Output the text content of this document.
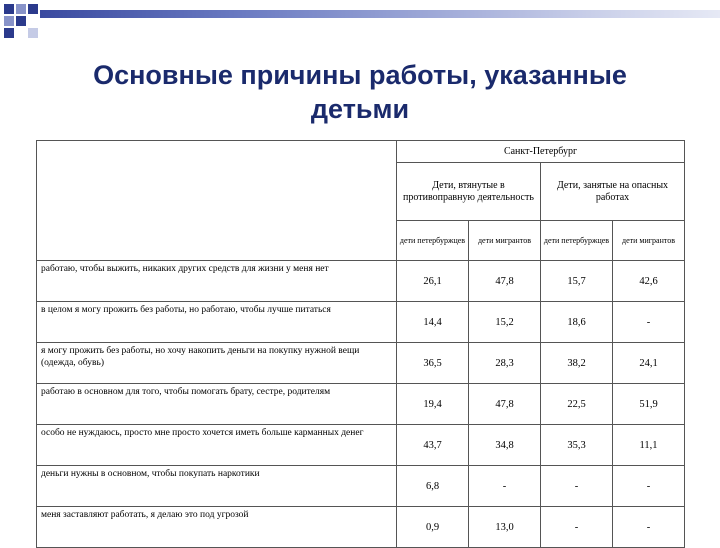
Основные причины работы, указанные
детьми
	Санкт-Петербург			
	Дети, втянутые в противоправную деятельность		Дети, занятые на опасных работах	
	дети петербуржцев	дети мигрантов	дети петербуржцев	дети мигрантов
работаю, чтобы выжить, никаких других средств для жизни у меня нет	26,1	47,8	15,7	42,6
в целом я могу прожить без работы, но работаю, чтобы лучше питаться	14,4	15,2	18,6	-
я могу прожить без работы, но хочу накопить деньги на покупку нужной вещи (одежда, обувь)	36,5	28,3	38,2	24,1
работаю в основном для того, чтобы помогать брату, сестре, родителям	19,4	47,8	22,5	51,9
особо не нуждаюсь, просто мне просто хочется иметь больше карманных денег	43,7	34,8	35,3	11,1
деньги нужны в основном, чтобы покупать наркотики	6,8	-	-	-
меня заставляют работать, я делаю это под угрозой	0,9	13,0	-	-
